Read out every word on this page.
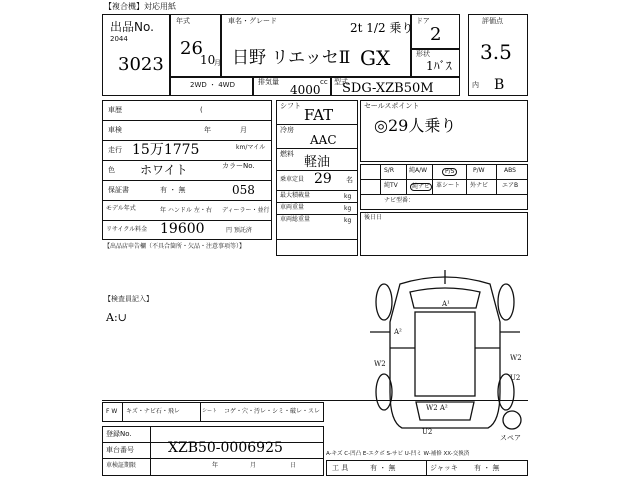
【複合機】対応用紙
出品No.
2044
3023
年式
26
10
月
車名・グレード	2t 1/2 乗り
日野 リエッセⅡ GX
ドア
2
形状
1ﾊﾞｽ
2WD ・ 4WD	排気量	cc
4000
型式
SDG-XZB50M
評価点
3.5
内 B
車歴	(
車検	年	月
走行 15万1775	km/マイル
色 ホワイト	カラーNo.
058
保証書	有 ・ 無
モデル年式	年 ハンドル 左・右 ディーラー・並行
リサイクル料金 19600	円 預託済
シフト FAT
冷房
AAC
燃料
軽油
乗車定員 29 名
最大積載量	kg
車両重量	kg
車両総重量	kg
セールスポイント
◎29人乗り
S/R	純A/W	P/S	P/W	ABS
純TV	純ナビ 革シート 外ナビ エアB
ナビ型番：
後日日
【出品店申告欄（不具合箇所・欠品・注意事項等）】
【検査員記入】
A:∪
A¹
A²
W2
W2
W2 A²
U2
U2
スペア
F W キズ・ナビ石・飛レ	シート コゲ・穴・汚レ・シミ・破レ・スレ
登録No.
車台番号 XZB50-0006925
車検証期限	年	月	日
A-キズ C-凹凸 E-エクボ S-サビ U-凹ミ W-補修 XX-交換済
工 具	有 ・ 無	ジャッキ 有 ・ 無
